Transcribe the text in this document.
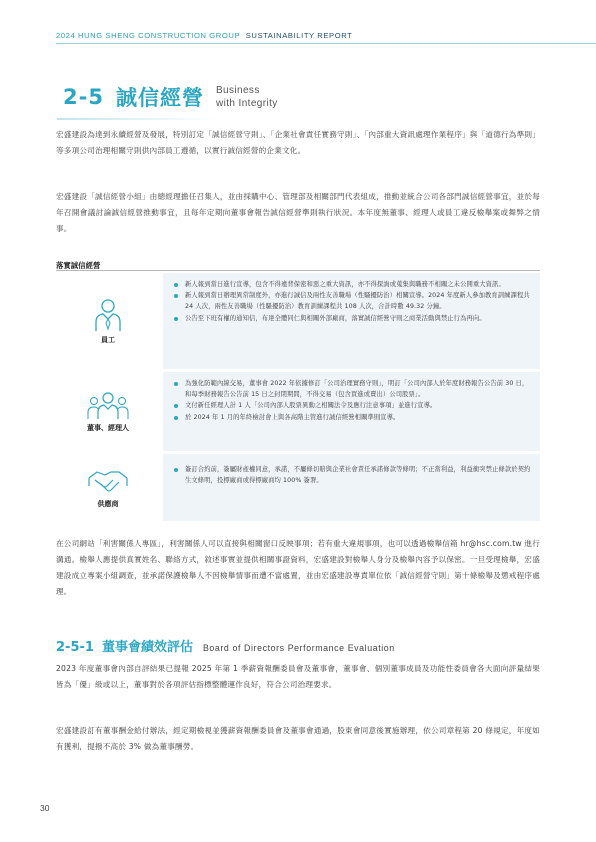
2024 HUNG SHENG CONSTRUCTION GROUP SUSTAINABILITY REPORT
2-5 誠信經營 Business
with Integrity

宏盛建設為達到永續經營及發展，特別訂定「誠信經營守則」、「企業社會責任實務守則」、「內部重大資訊處理作業程序」與「道德行為準則」等多項公司治理相關守則供內部員工遵循，以實行誠信經營的企業文化。

宏盛建設「誠信經營小組」由總經理擔任召集人，並由採購中心、管理部及相關部門代表組成，推動並統合公司各部門誠信經營事宜，並於每年召開會議討論誠信經營推動事宜，且每年定期向董事會報告誠信經營準則執行狀況。本年度無董事、經理人或員工違反檢舉案或舞弊之情事。

落實誠信經營
員工
新人報到當日進行宣導，包含不得違背保密和惡之重大資訊，亦不得探詢或蒐集與職務不相關之未公開重大資訊。
新人報到當日辦理異常制度外，亦進行誠信及兩性友善職場（性騷擾防治）相關宣導。2024 年度新人參加教育訓練課程共 24 人次，兩性友善職場（性騷擾防治）教育訓練課程共 108 人次，合計時數 49.32 分鐘。
公告至下班有權的通知信，布達全體同仁與相關外部廠商，落實誠信經營守則之商業活動與禁止行為再向。
董事、經理人
為強化防範內線交易，董事會 2022 年依據修訂「公司治理實務守則」，明訂「公司內部人於年度財務報告公告前 30 日，和每季財務報告公告前 15 日之封閉期間，不得交易（包含買進或賣出）公司股票」。
文付新任經理人計 1 人「公司內部人股票異動之相關法令及應行注意事項」並進行宣導。
於 2024 年 1 月的年終檢討會上與各高階主管進行誠信經營相關準則宣導。
供應商
簽訂合約前，簽屬財產權同意，承諾，不屬條切賠與企業社會責任承諾條款等條明；不正當利益，利益衝突禁止條款於契約生文條明，投標廠商或得標廠商均 100% 簽署。

在公司網站「利害關係人專區」，利害關係人可以直接與相關窗口反映事項；若有重大違規事項，也可以透過檢舉信箱 hr@hsc.com.tw 進行溝通。檢舉人應提供真實姓名、聯絡方式，敘述事實並提供相關事證資料，宏盛建設對檢舉人身分及檢舉內容予以保密。一旦受理檢舉，宏盛建設成立專案小組調查，並承諾保護檢舉人不因檢舉情事而遭不當處置，並由宏盛建設專責單位依「誠信經營守則」第十條檢舉及懲戒程序處理。

2-5-1 董事會績效評估 Board of Directors Performance Evaluation

2023 年度董事會內部自評結果已提報 2025 年第 1 季薪資報酬委員會及董事會，董事會、個別董事成員及功能性委員會各大面向評量結果皆為「優」級或以上，董事對於各項評估指標整體運作良好，符合公司治理要求。

宏盛建設訂有董事酬金給付辦法，經定期檢視並獲薪資報酬委員會及董事會通過，股東會同意後實施辦理，依公司章程第 20 條規定，年度如有獲利，提撥不高於 3% 做為董事酬勞。

30
